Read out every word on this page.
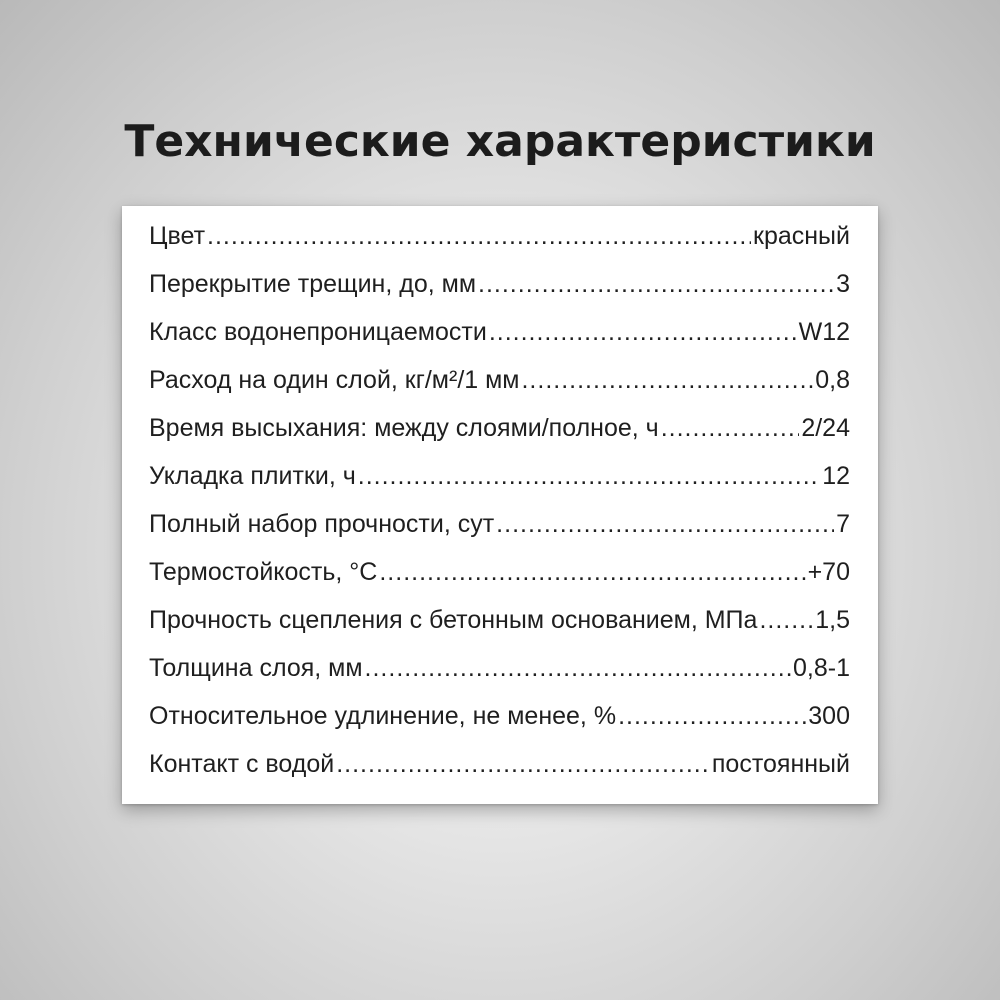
Технические характеристики
Цвет .....	красный
Перекрытие трещин, до, мм .....	3
Класс водонепроницаемости .....	W12
Расход на один слой, кг/м²/1 мм .....	0,8
Время высыхания: между слоями/полное, ч .....	2/24
Укладка плитки, ч .....	12
Полный набор прочности, сут .....	7
Термостойкость, °С .....	+70
Прочность сцепления с бетонным основанием, МПа ..... 1,5
Толщина слоя, мм .....	0,8-1
Относительное удлинение, не менее, % .....	300
Контакт с водой .....	постоянный
